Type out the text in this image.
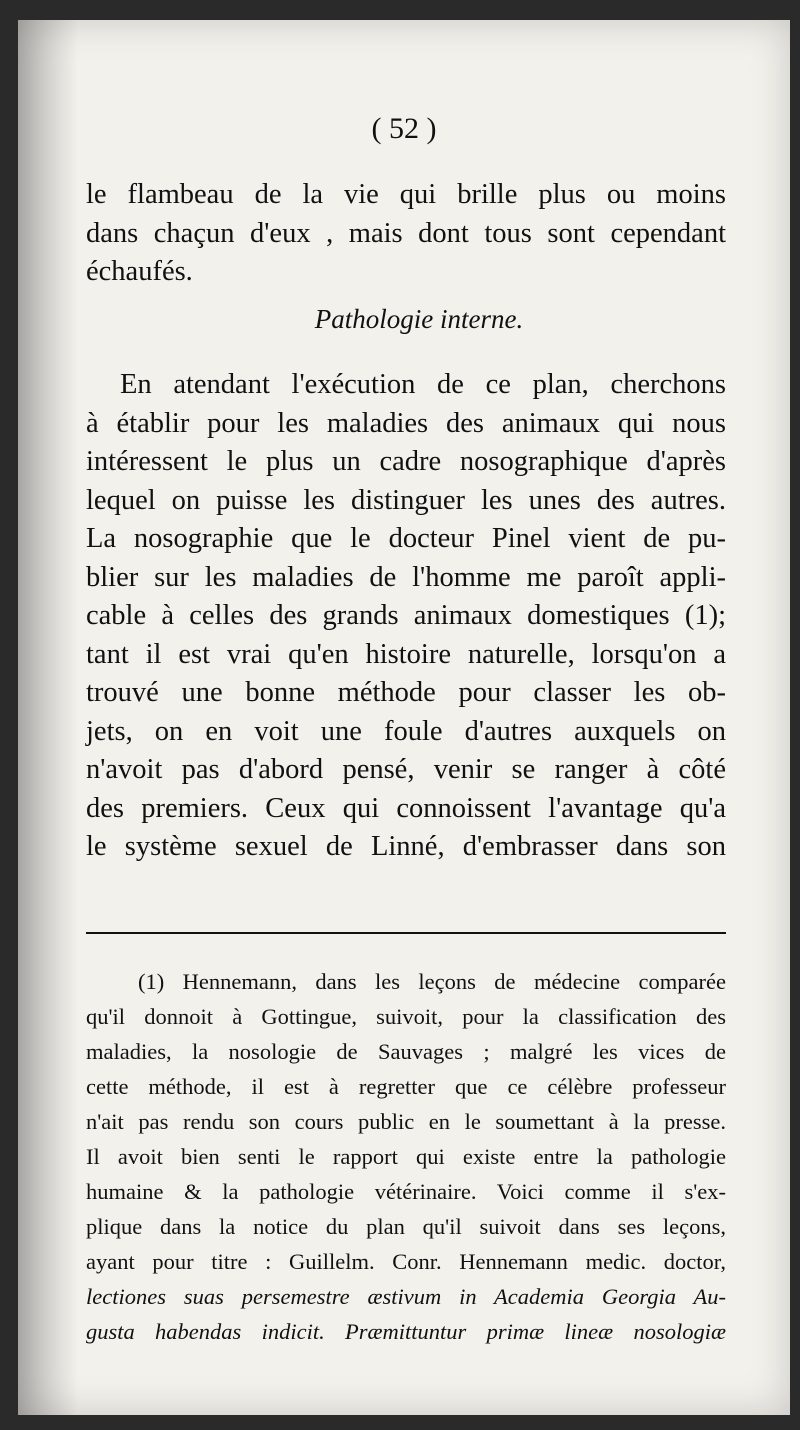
( 52 )
le flambeau de la vie qui brille plus ou moins
dans chaçun d'eux , mais dont tous sont cependant
échaufés.
Pathologie interne.
En atendant l'exécution de ce plan, cherchons
à établir pour les maladies des animaux qui nous
intéressent le plus un cadre nosographique d'après
lequel on puisse les distinguer les unes des autres.
La nosographie que le docteur Pinel vient de pu-
blier sur les maladies de l'homme me paroît appli-
cable à celles des grands animaux domestiques (1);
tant il est vrai qu'en histoire naturelle, lorsqu'on a
trouvé une bonne méthode pour classer les ob-
jets, on en voit une foule d'autres auxquels on
n'avoit pas d'abord pensé, venir se ranger à côté
des premiers. Ceux qui connoissent l'avantage qu'a
le système sexuel de Linné, d'embrasser dans son
(1) Hennemann, dans les leçons de médecine comparée
qu'il donnoit à Gottingue, suivoit, pour la classification des
maladies, la nosologie de Sauvages ; malgré les vices de
cette méthode, il est à regretter que ce célèbre professeur
n'ait pas rendu son cours public en le soumettant à la presse.
Il avoit bien senti le rapport qui existe entre la pathologie
humaine & la pathologie vétérinaire. Voici comme il s'ex-
plique dans la notice du plan qu'il suivoit dans ses leçons,
ayant pour titre : Guillelm. Conr. Hennemann medic. doctor,
lectiones suas persemestre æstivum in Academia Georgia Au-
gusta habendas indicit. Præmittuntur primæ lineæ nosologiæ
